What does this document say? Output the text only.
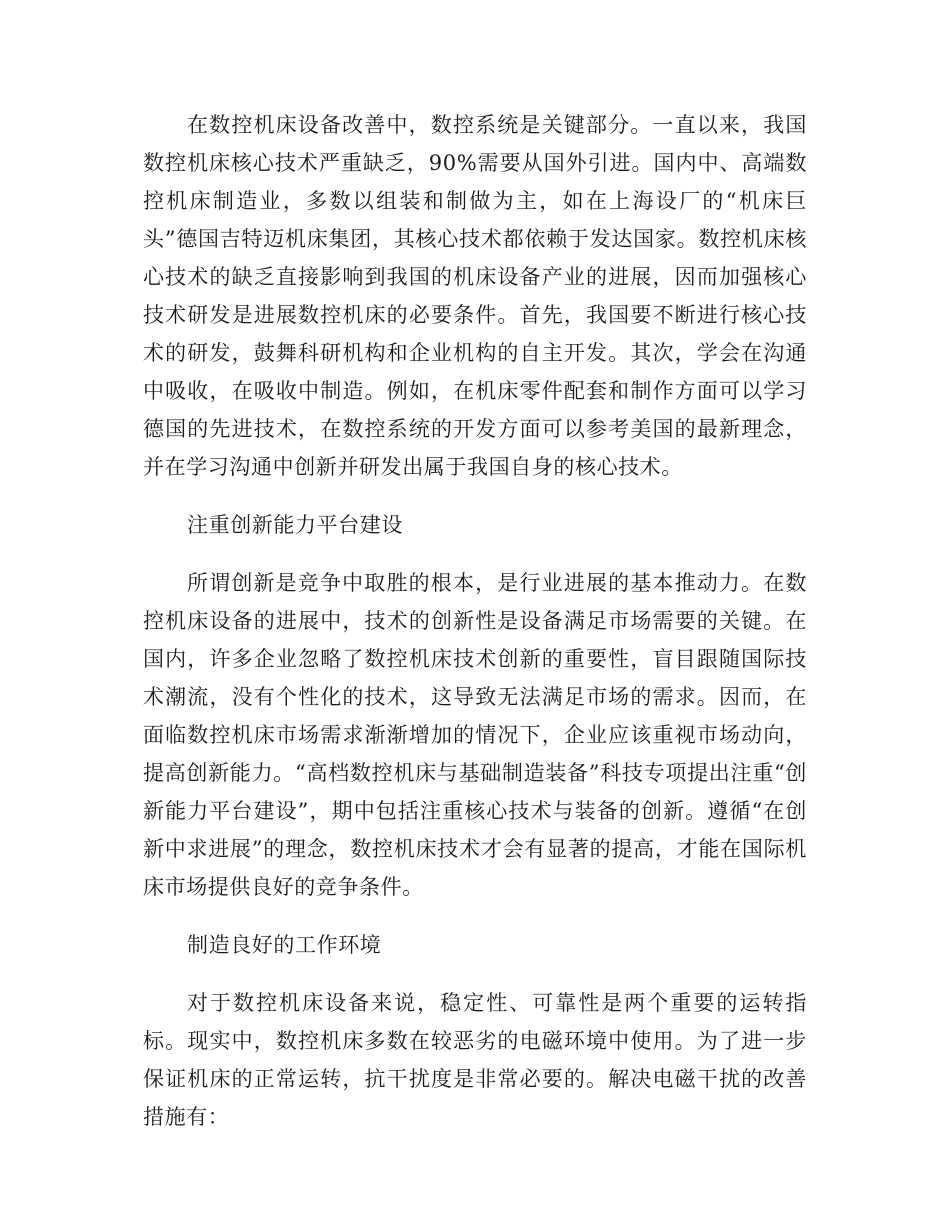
在数控机床设备改善中，数控系统是关键部分。一直以来，我国数控机床核心技术严重缺乏，90%需要从国外引进。国内中、高端数控机床制造业，多数以组装和制做为主，如在上海设厂的“机床巨头”德国吉特迈机床集团，其核心技术都依赖于发达国家。数控机床核心技术的缺乏直接影响到我国的机床设备产业的进展，因而加强核心技术研发是进展数控机床的必要条件。首先，我国要不断进行核心技术的研发，鼓舞科研机构和企业机构的自主开发。其次，学会在沟通中吸收，在吸收中制造。例如，在机床零件配套和制作方面可以学习德国的先进技术，在数控系统的开发方面可以参考美国的最新理念，并在学习沟通中创新并研发出属于我国自身的核心技术。

注重创新能力平台建设

所谓创新是竞争中取胜的根本，是行业进展的基本推动力。在数控机床设备的进展中，技术的创新性是设备满足市场需要的关键。在国内，许多企业忽略了数控机床技术创新的重要性，盲目跟随国际技术潮流，没有个性化的技术，这导致无法满足市场的需求。因而，在面临数控机床市场需求渐渐增加的情况下，企业应该重视市场动向，提高创新能力。“高档数控机床与基础制造装备”科技专项提出注重“创新能力平台建设”，期中包括注重核心技术与装备的创新。遵循“在创新中求进展”的理念，数控机床技术才会有显著的提高，才能在国际机床市场提供良好的竞争条件。

制造良好的工作环境

对于数控机床设备来说，稳定性、可靠性是两个重要的运转指标。现实中，数控机床多数在较恶劣的电磁环境中使用。为了进一步保证机床的正常运转，抗干扰度是非常必要的。解决电磁干扰的改善措施有：
